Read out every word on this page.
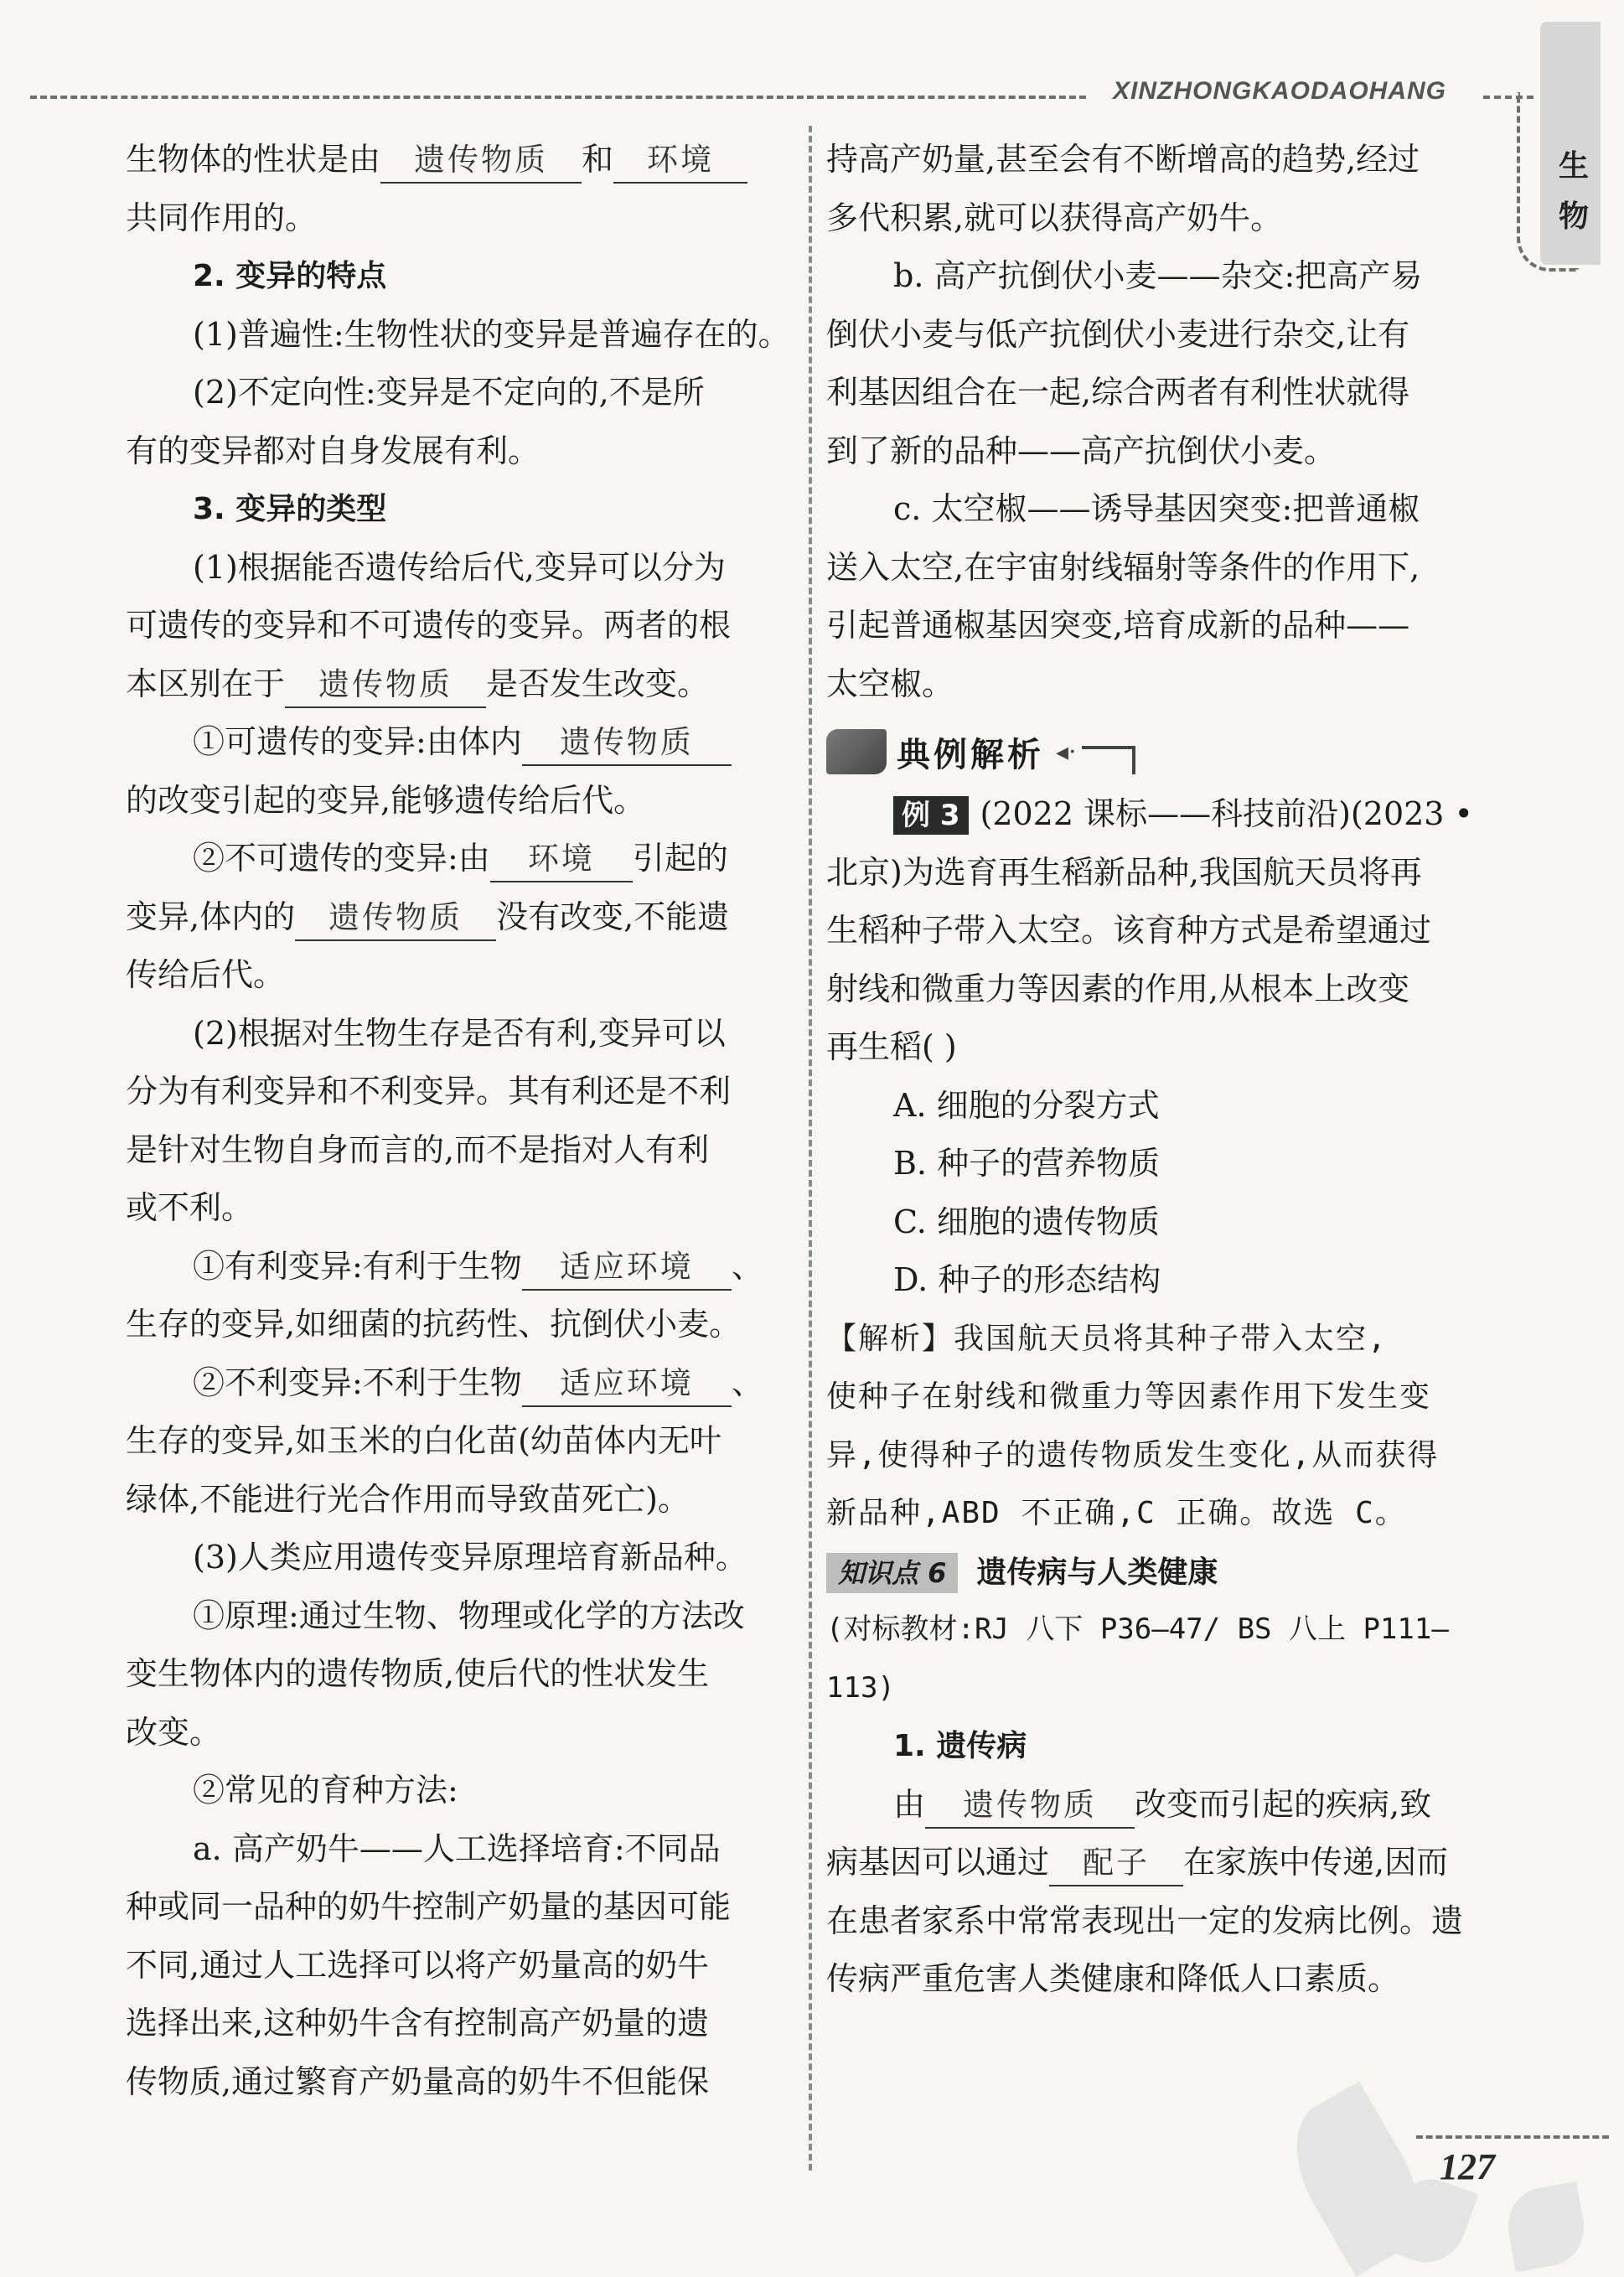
XINZHONGKAODAOHANG
生
物
生物体的性状是由 遗传物质 和 环境
共同作用的。
2. 变异的特点
(1)普遍性:生物性状的变异是普遍存在的。
(2)不定向性:变异是不定向的,不是所
有的变异都对自身发展有利。
3. 变异的类型
(1)根据能否遗传给后代,变异可以分为
可遗传的变异和不可遗传的变异。两者的根
本区别在于 遗传物质 是否发生改变。
①可遗传的变异:由体内 遗传物质
的改变引起的变异,能够遗传给后代。
②不可遗传的变异:由 环境 引起的
变异,体内的 遗传物质 没有改变,不能遗
传给后代。
(2)根据对生物生存是否有利,变异可以
分为有利变异和不利变异。其有利还是不利
是针对生物自身而言的,而不是指对人有利
或不利。
①有利变异:有利于生物 适应环境 、
生存的变异,如细菌的抗药性、抗倒伏小麦。
②不利变异:不利于生物 适应环境 、
生存的变异,如玉米的白化苗(幼苗体内无叶
绿体,不能进行光合作用而导致苗死亡)。
(3)人类应用遗传变异原理培育新品种。
①原理:通过生物、物理或化学的方法改
变生物体内的遗传物质,使后代的性状发生
改变。
②常见的育种方法:
a. 高产奶牛——人工选择培育:不同品
种或同一品种的奶牛控制产奶量的基因可能
不同,通过人工选择可以将产奶量高的奶牛
选择出来,这种奶牛含有控制高产奶量的遗
传物质,通过繁育产奶量高的奶牛不但能保
持高产奶量,甚至会有不断增高的趋势,经过
多代积累,就可以获得高产奶牛。
b. 高产抗倒伏小麦——杂交:把高产易
倒伏小麦与低产抗倒伏小麦进行杂交,让有
利基因组合在一起,综合两者有利性状就得
到了新的品种——高产抗倒伏小麦。
c. 太空椒——诱导基因突变:把普通椒
送入太空,在宇宙射线辐射等条件的作用下,
引起普通椒基因突变,培育成新的品种——
太空椒。
典例解析 ◂·
例 3 (2022 课标——科技前沿)(2023 •
北京)为选育再生稻新品种,我国航天员将再
生稻种子带入太空。该育种方式是希望通过
射线和微重力等因素的作用,从根本上改变
再生稻( )
A. 细胞的分裂方式
B. 种子的营养物质
C. 细胞的遗传物质
D. 种子的形态结构
【解析】我国航天员将其种子带入太空,
使种子在射线和微重力等因素作用下发生变
异,使得种子的遗传物质发生变化,从而获得
新品种,ABD 不正确,C 正确。故选 C。
知识点 6 遗传病与人类健康
(对标教材:RJ 八下 P36—47/ BS 八上 P111—
113)
1. 遗传病
由 遗传物质 改变而引起的疾病,致
病基因可以通过 配子 在家族中传递,因而
在患者家系中常常表现出一定的发病比例。遗
传病严重危害人类健康和降低人口素质。
127
